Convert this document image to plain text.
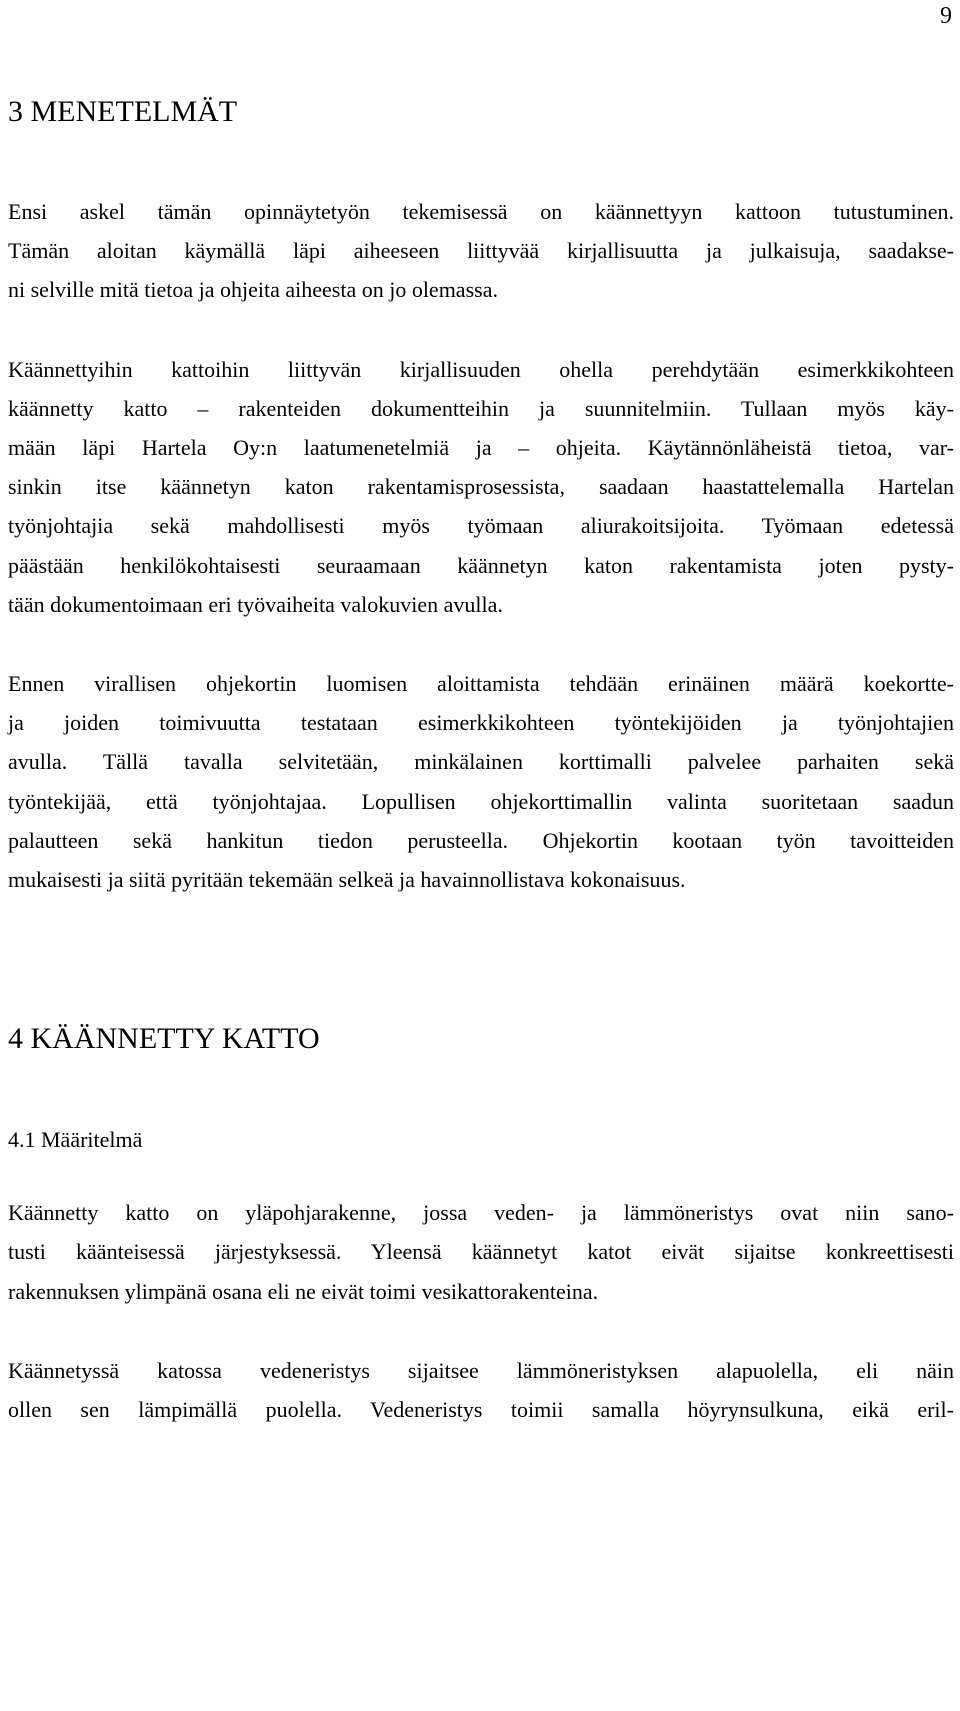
9
3 MENETELMÄT

Ensi askel tämän opinnäytetyön tekemisessä on käännettyyn kattoon tutustuminen.
Tämän aloitan käymällä läpi aiheeseen liittyvää kirjallisuutta ja julkaisuja, saadakse-
ni selville mitä tietoa ja ohjeita aiheesta on jo olemassa.

Käännettyihin kattoihin liittyvän kirjallisuuden ohella perehdytään esimerkkikohteen
käännetty katto – rakenteiden dokumentteihin ja suunnitelmiin. Tullaan myös käy-
mään läpi Hartela Oy:n laatumenetelmiä ja – ohjeita. Käytännönläheistä tietoa, var-
sinkin itse käännetyn katon rakentamisprosessista, saadaan haastattelemalla Hartelan
työnjohtajia sekä mahdollisesti myös työmaan aliurakoitsijoita. Työmaan edetessä
päästään henkilökohtaisesti seuraamaan käännetyn katon rakentamista joten pysty-
tään dokumentoimaan eri työvaiheita valokuvien avulla.

Ennen virallisen ohjekortin luomisen aloittamista tehdään erinäinen määrä koekortte-
ja joiden toimivuutta testataan esimerkkikohteen työntekijöiden ja työnjohtajien
avulla. Tällä tavalla selvitetään, minkälainen korttimalli palvelee parhaiten sekä
työntekijää, että työnjohtajaa. Lopullisen ohjekorttimallin valinta suoritetaan saadun
palautteen sekä hankitun tiedon perusteella. Ohjekortin kootaan työn tavoitteiden
mukaisesti ja siitä pyritään tekemään selkeä ja havainnollistava kokonaisuus.

4 KÄÄNNETTY KATTO
4.1 Määritelmä

Käännetty katto on yläpohjarakenne, jossa veden- ja lämmöneristys ovat niin sano-
tusti käänteisessä järjestyksessä. Yleensä käännetyt katot eivät sijaitse konkreettisesti
rakennuksen ylimpänä osana eli ne eivät toimi vesikattorakenteina.

Käännetyssä katossa vedeneristys sijaitsee lämmöneristyksen alapuolella, eli näin
ollen sen lämpimällä puolella. Vedeneristys toimii samalla höyrynsulkuna, eikä eril-
